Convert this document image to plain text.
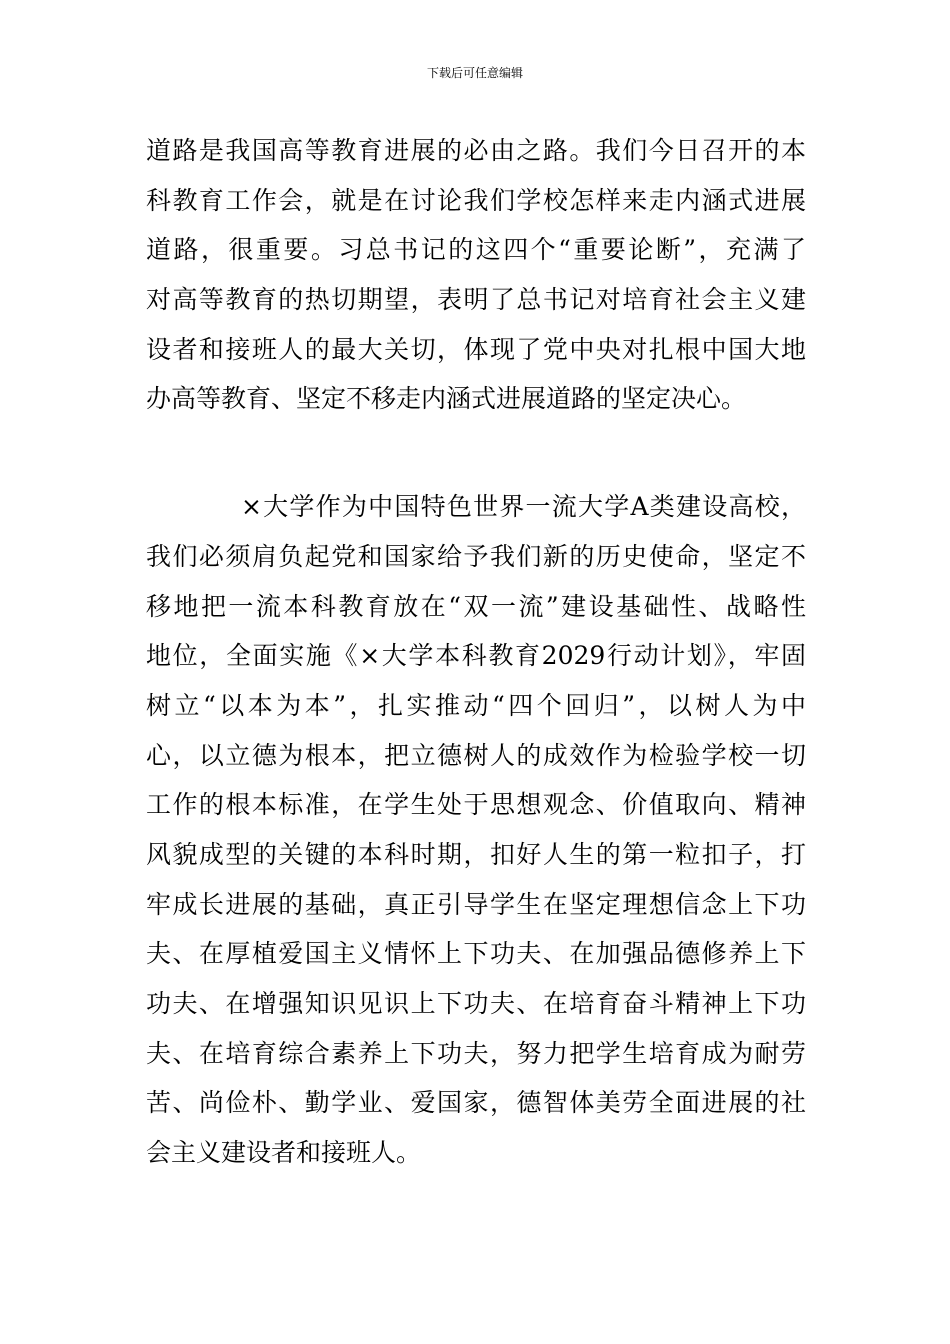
下载后可任意编辑
道路是我国高等教育进展的必由之路。我们今日召开的本
科教育工作会，就是在讨论我们学校怎样来走内涵式进展
道路，很重要。习总书记的这四个“重要论断”，充满了
对高等教育的热切期望，表明了总书记对培育社会主义建
设者和接班人的最大关切，体现了党中央对扎根中国大地
办高等教育、坚定不移走内涵式进展道路的坚定决心。
×大学作为中国特色世界一流大学A类建设高校，
我们必须肩负起党和国家给予我们新的历史使命，坚定不
移地把一流本科教育放在“双一流”建设基础性、战略性
地位，全面实施《×大学本科教育2029行动计划》，牢固
树立“以本为本”，扎实推动“四个回归”，以树人为中
心，以立德为根本，把立德树人的成效作为检验学校一切
工作的根本标准，在学生处于思想观念、价值取向、精神
风貌成型的关键的本科时期，扣好人生的第一粒扣子，打
牢成长进展的基础，真正引导学生在坚定理想信念上下功
夫、在厚植爱国主义情怀上下功夫、在加强品德修养上下
功夫、在增强知识见识上下功夫、在培育奋斗精神上下功
夫、在培育综合素养上下功夫，努力把学生培育成为耐劳
苦、尚俭朴、勤学业、爱国家，德智体美劳全面进展的社
会主义建设者和接班人。
